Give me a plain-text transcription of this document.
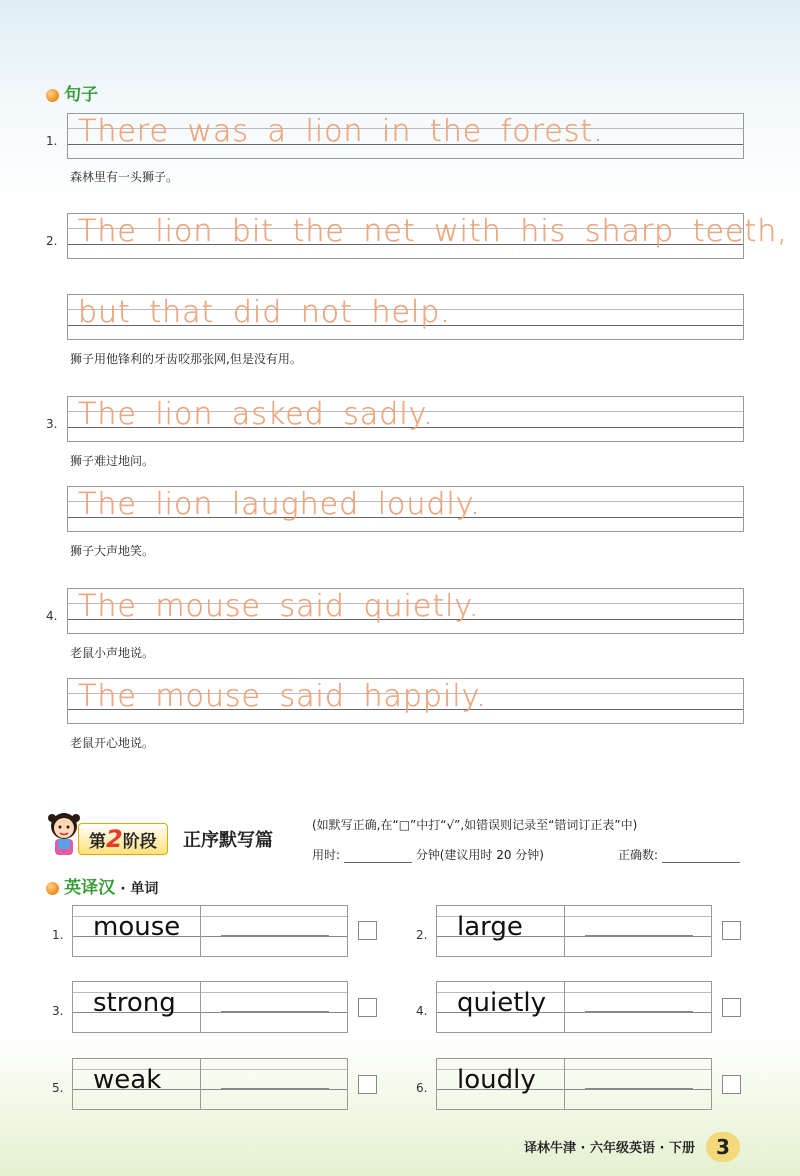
句子
1. There was a lion in the forest.
森林里有一头狮子。
2. The lion bit the net with his sharp teeth,
but that did not help.
狮子用他锋利的牙齿咬那张网,但是没有用。
3. The lion asked sadly.
狮子难过地问。
The lion laughed loudly.
狮子大声地笑。
4. The mouse said quietly.
老鼠小声地说。
The mouse said happily.
老鼠开心地说。
第2阶段	正序默写篇
(如默写正确,在“□”中打“√”,如错误则记录至“错词订正表”中)
用时:	分钟(建议用时 20 分钟)	正确数:
英译汉 · 单词
1. mouse	2. large
3. strong	4. quietly
5. weak	6. loudly
译林牛津 · 六年级英语 · 下册	3
